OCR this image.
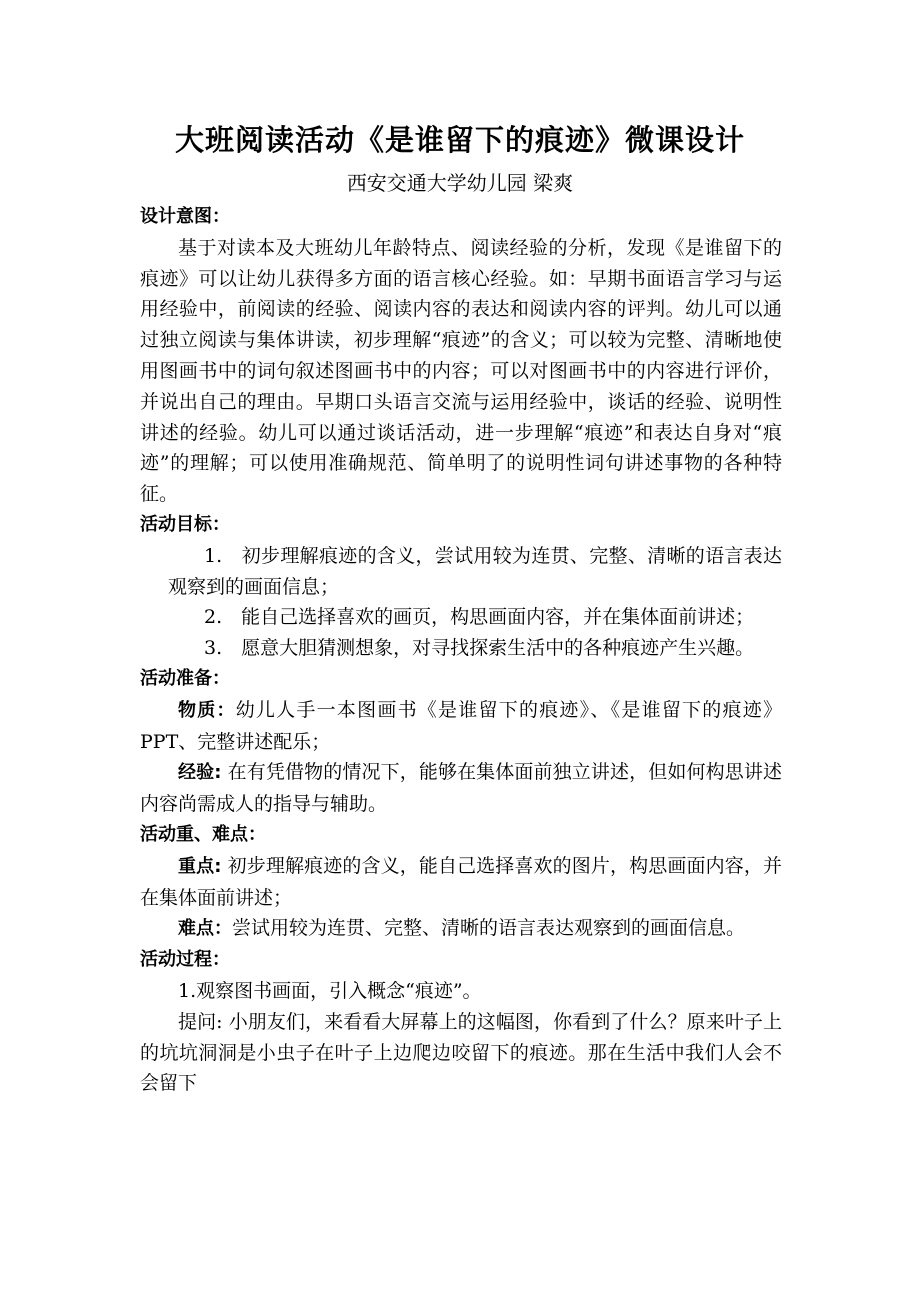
大班阅读活动《是谁留下的痕迹》微课设计
西安交通大学幼儿园 梁爽

设计意图：

基于对读本及大班幼儿年龄特点、阅读经验的分析，发现《是谁留下的痕迹》可以让幼儿获得多方面的语言核心经验。如：早期书面语言学习与运用经验中，前阅读的经验、阅读内容的表达和阅读内容的评判。幼儿可以通过独立阅读与集体讲读，初步理解“痕迹”的含义；可以较为完整、清晰地使用图画书中的词句叙述图画书中的内容；可以对图画书中的内容进行评价，并说出自己的理由。早期口头语言交流与运用经验中，谈话的经验、说明性讲述的经验。幼儿可以通过谈话活动，进一步理解“痕迹”和表达自身对“痕迹”的理解；可以使用准确规范、简单明了的说明性词句讲述事物的各种特征。

活动目标：

1.　初步理解痕迹的含义，尝试用较为连贯、完整、清晰的语言表达观察到的画面信息；

2.　能自己选择喜欢的画页，构思画面内容，并在集体面前讲述；

3.　愿意大胆猜测想象，对寻找探索生活中的各种痕迹产生兴趣。

活动准备：

物质：幼儿人手一本图画书《是谁留下的痕迹》、《是谁留下的痕迹》PPT、完整讲述配乐；

经验: 在有凭借物的情况下，能够在集体面前独立讲述，但如何构思讲述内容尚需成人的指导与辅助。

活动重、难点：

重点: 初步理解痕迹的含义，能自己选择喜欢的图片，构思画面内容，并在集体面前讲述；

难点：尝试用较为连贯、完整、清晰的语言表达观察到的画面信息。

活动过程：

1.观察图书画面，引入概念“痕迹”。

提问: 小朋友们，来看看大屏幕上的这幅图，你看到了什么？原来叶子上的坑坑洞洞是小虫子在叶子上边爬边咬留下的痕迹。那在生活中我们人会不会留下
